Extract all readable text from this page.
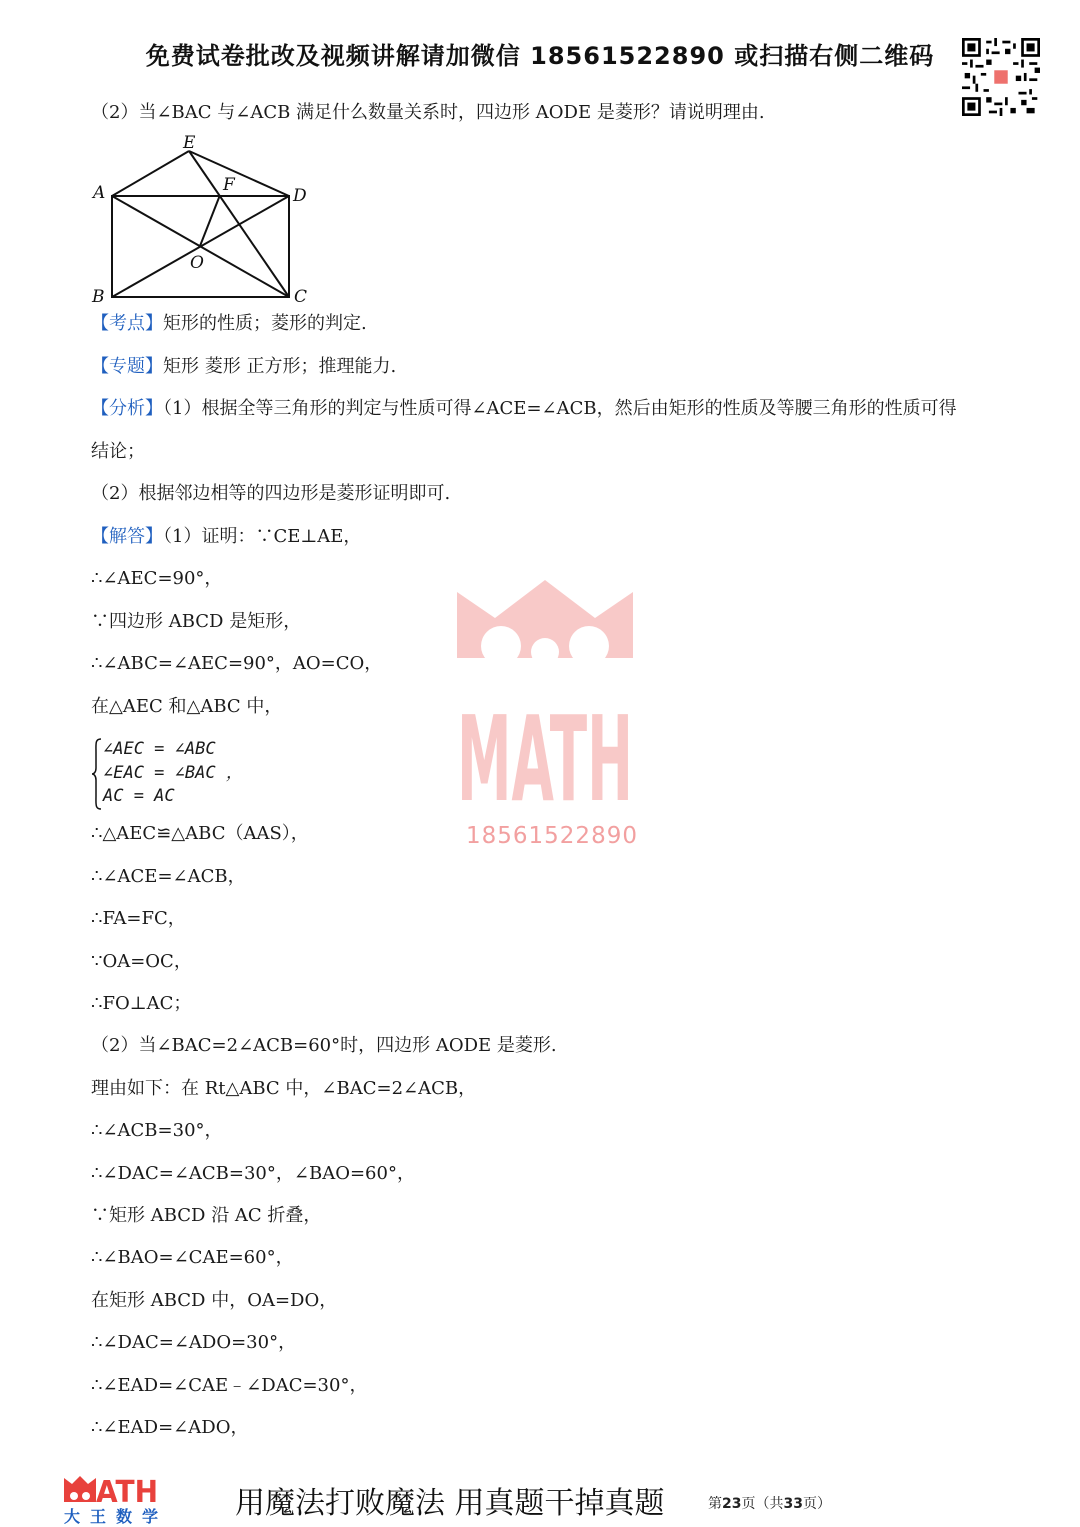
免费试卷批改及视频讲解请加微信 18561522890 或扫描右侧二维码
（2）当∠BAC 与∠ACB 满足什么数量关系时，四边形 AODE 是菱形？请说明理由.
E
A	F
D
O
B	C
【考点】矩形的性质；菱形的判定.
【专题】矩形 菱形 正方形；推理能力.
【分析】（1）根据全等三角形的判定与性质可得∠ACE=∠ACB，然后由矩形的性质及等腰三角形的性质可得
结论；
（2）根据邻边相等的四边形是菱形证明即可.
【解答】（1）证明：∵CE⊥AE，
∴∠AEC=90°，
∵四边形 ABCD 是矩形，
∴∠ABC=∠AEC=90°，AO=CO，
在△AEC 和△ABC 中，
∠AEC = ∠ABC
∠EAC = ∠BAC ，
AC = AC
∴△AEC≌△ABC（AAS），
∴∠ACE=∠ACB，
∴FA=FC，
∵OA=OC，
∴FO⊥AC；
（2）当∠BAC=2∠ACB=60°时，四边形 AODE 是菱形.
理由如下：在 Rt△ABC 中，∠BAC=2∠ACB，
∴∠ACB=30°，
∴∠DAC=∠ACB=30°，∠BAO=60°，
∵矩形 ABCD 沿 AC 折叠，
∴∠BAO=∠CAE=60°，
在矩形 ABCD 中，OA=DO，
∴∠DAC=∠ADO=30°，
∴∠EAD=∠CAE﹣∠DAC=30°，
∴∠EAD=∠ADO，
MATH
18561522890
ATH
大王数学	用魔法打败魔法 用真题干掉真题	第23页（共33页）
